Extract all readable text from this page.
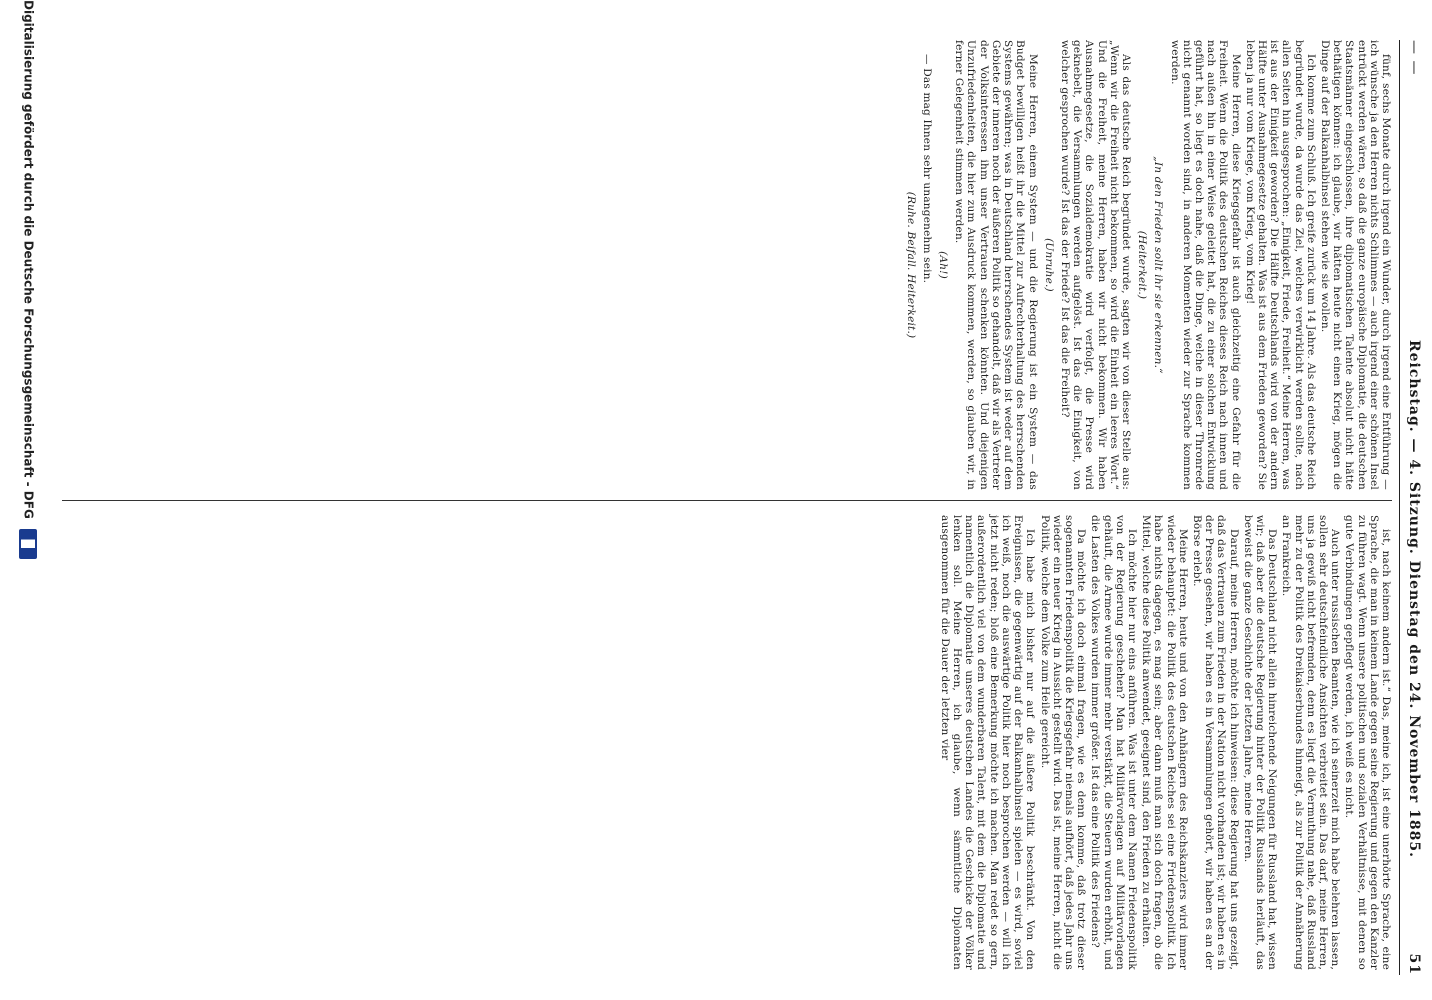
— —
Reichstag. — 4. Sitzung. Dienstag den 24. November 1885.
51

fünf, sechs Monate durch irgend ein Wunder, durch irgend eine Entführung — ich wünsche ja den Herren nichts Schlimmes — auch irgend einer schönen Insel entrückt werden wären, so daß die ganze europäische Diplomatie, die deutschen Staatsmänner eingeschlossen, ihre diplomatischen Talente absolut nicht hätte bethätigen können: ich glaube, wir hätten heute nicht einen Krieg, mögen die Dinge auf der Balkanhalbinsel stehen wie sie wollen.

Ich komme zum Schluß. Ich greife zurück um 14 Jahre. Als das deutsche Reich begründet wurde, da wurde das Ziel, welches verwirklicht werden sollte, nach allen Seiten hin ausgesprochen: „Einigkeit, Friede, Freiheit.“ Meine Herren, was ist aus der Einigkeit geworden? Die Hälfte Deutschlands wird von der andern Hälfte unter Ausnahmegesetze gehalten. Was ist aus dem Frieden geworden? Sie leben ja nur vom Kriege, vom Krieg, vom Krieg!

Meine Herren, diese Kriegsgefahr ist auch gleichzeitig eine Gefahr für die Freiheit. Wenn die Politik des deutschen Reiches dieses Reich nach innen und nach außen hin in einer Weise geleitet hat, die zu einer solchen Entwicklung geführt hat, so liegt es doch nahe, daß die Dinge, welche in dieser Thronrede nicht genannt worden sind, in anderen Momenten wieder zur Sprache kommen werden.

„In den Frieden sollt ihr sie erkennen.“

(Heiterkeit.)

Als das deutsche Reich begründet wurde, sagten wir von dieser Stelle aus: „Wenn wir die Freiheit nicht bekommen, so wird die Einheit ein leeres Wort.“ Und die Freiheit, meine Herren, haben wir nicht bekommen. Wir haben Ausnahmegesetze, die Sozialdemokratie wird verfolgt, die Presse wird geknebelt, die Versammlungen werden aufgelöst. Ist das die Einigkeit, von welcher gesprochen wurde? Ist das der Friede? Ist das die Freiheit?

(Unruhe.)

Meine Herren, einem System — und die Regierung ist ein System — das Budget bewilligen heißt ihr die Mittel zur Aufrechterhaltung des herrschenden Systems gewähren; was in Deutschland herrschendes System ist weder auf dem Gebiete der inneren noch der äußeren Politik so gehandelt, daß wir als Vertreter der Volksinteressen ihm unser Vertrauen schenken könnten. Und diejenigen Unzufriedenheiten, die hier zum Ausdruck kommen, werden, so glauben wir, in ferner Gelegenheit stimmen werden.

(Ah!)

— Das mag Ihnen sehr unangenehm sein.

(Ruhe. Beifall. Heiterkeit.)

ist, nach keinem andern ist.“ Das, meine ich, ist eine unerhörte Sprache, eine Sprache, die man in keinem Lande gegen seine Regierung und gegen den Kanzler zu führen wagt. Wenn unsere politischen und sozialen Verhältnisse, mit denen so gute Verbindungen gepflegt werden, ich weiß es nicht.

Auch unter russischen Beamten, wie ich seinerzeit mich habe belehren lassen, sollen sehr deutschfeindliche Ansichten verbreitet sein. Das darf, meine Herren, uns ja gewiß nicht befremden, denn es liegt die Vermuthung nahe, daß Russland mehr zu der Politik des Dreikaiserbundes hinneigt, als zur Politik der Annäherung an Frankreich.

Das Deutschland nicht allein hinreichende Neigungen für Russland hat, wissen wir; daß aber die deutsche Regierung hinter der Politik Russlands herläuft, das beweist die ganze Geschichte der letzten Jahre, meine Herren.

Darauf, meine Herren, möchte ich hinweisen: diese Regierung hat uns gezeigt, daß das Vertrauen zum Frieden in der Nation nicht vorhanden ist; wir haben es in der Presse gesehen, wir haben es in Versammlungen gehört, wir haben es an der Börse erlebt.

Meine Herren, heute und von den Anhängern des Reichskanzlers wird immer wieder behauptet: die Politik des deutschen Reiches sei eine Friedenspolitik. Ich habe nichts dagegen, es mag sein; aber dann muß man sich doch fragen, ob die Mittel, welche diese Politik anwendet, geeignet sind, den Frieden zu erhalten.

Ich möchte hier nur eins anführen. Was ist unter dem Namen Friedenspolitik von der Regierung geschehen? Man hat Militärvorlagen auf Militärvorlagen gehäuft, die Armee wurde immer mehr verstärkt, die Steuern wurden erhöht, und die Lasten des Volkes wurden immer größer. Ist das eine Politik des Friedens?

Da möchte ich doch einmal fragen, wie es denn komme, daß trotz dieser sogenannten Friedenspolitik die Kriegsgefahr niemals aufhört, daß jedes Jahr uns wieder ein neuer Krieg in Aussicht gestellt wird. Das ist, meine Herren, nicht die Politik, welche dem Volke zum Heile gereicht.

Ich habe mich bisher nur auf die äußere Politik beschränkt. Von den Ereignissen, die gegenwärtig auf der Balkanhalbinsel spielen — es wird, soviel ich weiß, noch die auswärtige Politik hier noch besprochen werden — will ich jetzt nicht reden; bloß eine Bemerkung möchte ich machen. Man redet so gern, außerordentlich viel von dem wunderbaren Talent, mit dem die Diplomatie und namentlich die Diplomatie unseres deutschen Landes die Geschicke der Völker lenken soll. Meine Herren, ich glaube, wenn sämmtliche Diplomaten ausgenommen für die Dauer der letzten vier

Digitalisierung gefördert durch die Deutsche Forschungsgemeinschaft - DFG
